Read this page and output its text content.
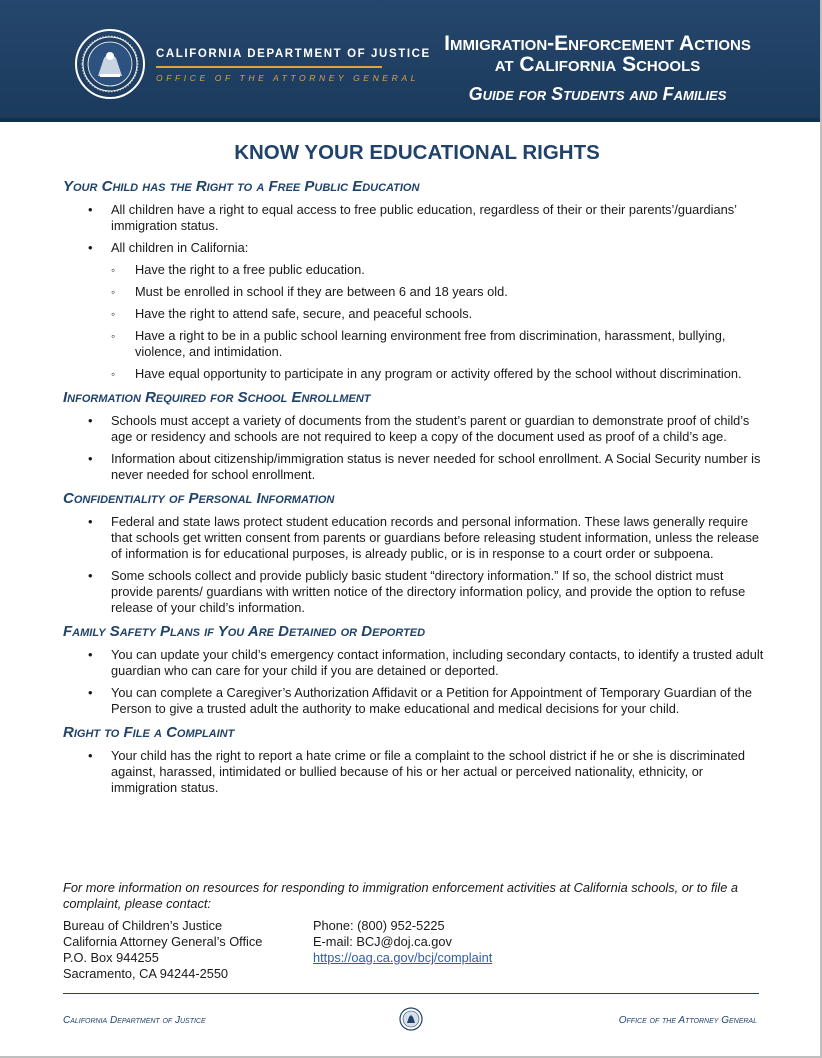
CALIFORNIA DEPARTMENT OF JUSTICE
OFFICE OF THE ATTORNEY GENERAL
Immigration-Enforcement Actions
at California Schools
Guide for Students and Families
KNOW YOUR EDUCATIONAL RIGHTS
Your Child has the Right to a Free Public Education
• All children have a right to equal access to free public education, regardless of their or their parents’/guardians’ immigration status.
• All children in California:
◦ Have the right to a free public education.
◦ Must be enrolled in school if they are between 6 and 18 years old.
◦ Have the right to attend safe, secure, and peaceful schools.
◦ Have a right to be in a public school learning environment free from discrimination, harassment, bullying, violence, and intimidation.
◦ Have equal opportunity to participate in any program or activity offered by the school without discrimination.
Information Required for School Enrollment
• Schools must accept a variety of documents from the student’s parent or guardian to demonstrate proof of child’s age or residency and schools are not required to keep a copy of the document used as proof of a child’s age.
• Information about citizenship/immigration status is never needed for school enrollment. A Social Security number is never needed for school enrollment.
Confidentiality of Personal Information
• Federal and state laws protect student education records and personal information. These laws generally require that schools get written consent from parents or guardians before releasing student information, unless the release of information is for educational purposes, is already public, or is in response to a court order or subpoena.
• Some schools collect and provide publicly basic student “directory information.” If so, the school district must provide parents/ guardians with written notice of the directory information policy, and provide the option to refuse release of your child’s information.
Family Safety Plans if You Are Detained or Deported
• You can update your child’s emergency contact information, including secondary contacts, to identify a trusted adult guardian who can care for your child if you are detained or deported.
• You can complete a Caregiver’s Authorization Affidavit or a Petition for Appointment of Temporary Guardian of the Person to give a trusted adult the authority to make educational and medical decisions for your child.
Right to File a Complaint
• Your child has the right to report a hate crime or file a complaint to the school district if he or she is discriminated against, harassed, intimidated or bullied because of his or her actual or perceived nationality, ethnicity, or immigration status.
For more information on resources for responding to immigration enforcement activities at California schools, or to file a complaint, please contact:
Bureau of Children’s Justice
California Attorney General’s Office
P.O. Box 944255
Sacramento, CA 94244-2550
Phone: (800) 952-5225
E-mail: BCJ@doj.ca.gov
https://oag.ca.gov/bcj/complaint
California Department of Justice	Office of the Attorney General
